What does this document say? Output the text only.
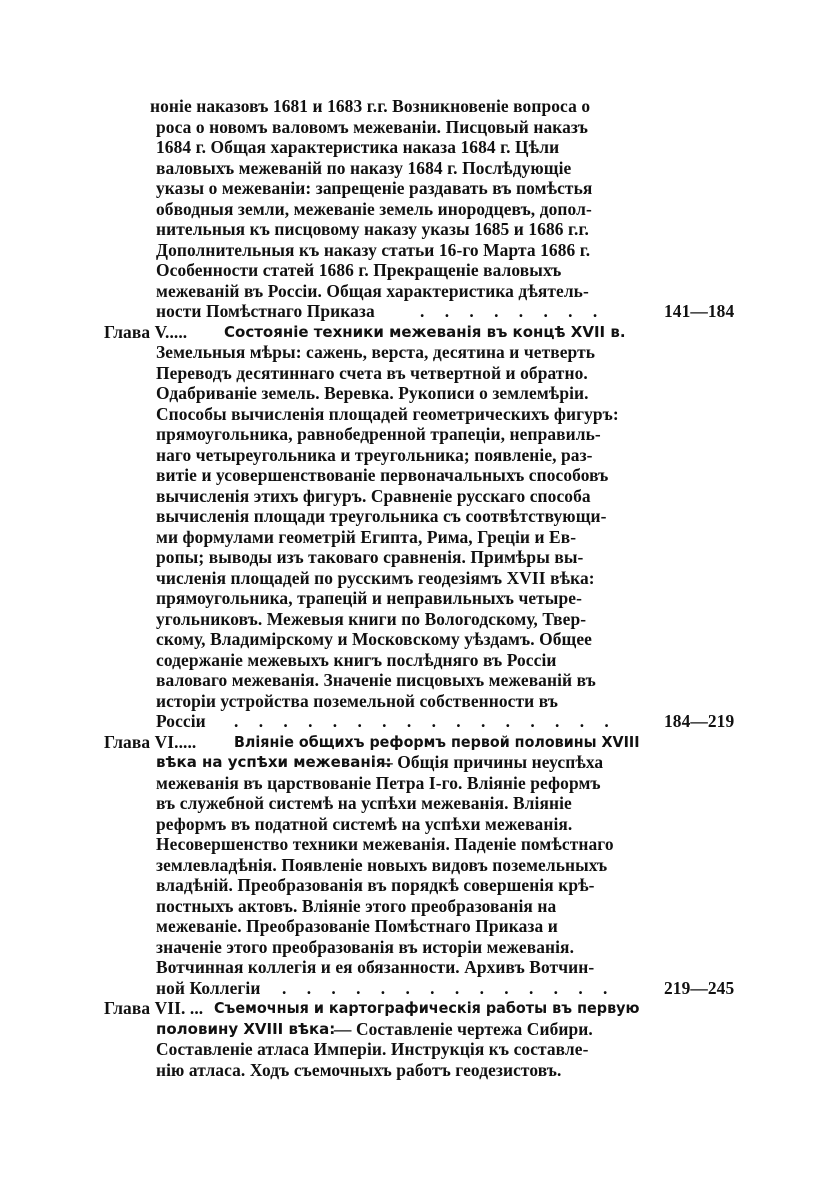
ноніе наказовъ 1681 и 1683 г.г. Возникновеніе вопроса о
роса о новомъ валовомъ межеваніи. Писцовый наказъ
1684 г. Общая характеристика наказа 1684 г. Цѣли
валовыхъ межеваній по наказу 1684 г. Послѣдующіе
указы о межеваніи: запрещеніе раздавать въ помѣстья
обводныя земли, межеваніе земель инородцевъ, допол-
нительныя къ писцовому наказу указы 1685 и 1686 г.г.
Дополнительныя къ наказу статьи 16-го Марта 1686 г.
Особенности статей 1686 г. Прекращеніе валовыхъ
межеваній въ Россіи. Общая характеристика дѣятель-
ности Помѣстнаго Приказа	. . . . . . . .	141—184
Глава V..... Состояніе техники межеванія въ концѣ XVII в.
Земельныя мѣры: сажень, верста, десятина и четверть
Переводъ десятиннаго счета въ четвертной и обратно.
Одабриваніе земель. Веревка. Рукописи о землемѣріи.
Способы вычисленія площадей геометрическихъ фигуръ:
прямоугольника, равнобедренной трапеціи, неправиль-
наго четыреугольника и треугольника; появленіе, раз-
витіе и усовершенствованіе первоначальныхъ способовъ
вычисленія этихъ фигуръ. Сравненіе русскаго способа
вычисленія площади треугольника съ соотвѣтствующи-
ми формулами геометрій Египта, Рима, Греціи и Ев-
ропы; выводы изъ таковаго сравненія. Примѣры вы-
численія площадей по русскимъ геодезіямъ XVII вѣка:
прямоугольника, трапецій и неправильныхъ четыре-
угольниковъ. Межевыя книги по Вологодскому, Твер-
скому, Владимірскому и Московскому уѣздамъ. Общее
содержаніе межевыхъ книгъ послѣдняго въ Россіи
валоваго межеванія. Значеніе писцовыхъ межеваній въ
исторіи устройства поземельной собственности въ
Россіи . . . . . . . . . . . . . . . .	184—219
Глава VI.....	Вліяніе общихъ реформъ первой половины XVIII
вѣка на успѣхи межеванія:
– Общія причины неуспѣха
межеванія въ царствованіе Петра I-го. Вліяніе реформъ
въ служебной системѣ на успѣхи межеванія. Вліяніе
реформъ въ податной системѣ на успѣхи межеванія.
Несовершенство техники межеванія. Паденіе помѣстнаго
землевладѣнія. Появленіе новыхъ видовъ поземельныхъ
владѣній. Преобразованія въ порядкѣ совершенія крѣ-
постныхъ актовъ. Вліяніе этого преобразованія на
межеваніе. Преобразованіе Помѣстнаго Приказа и
значеніе этого преобразованія въ исторіи межеванія.
Вотчинная коллегія и ея обязанности. Архивъ Вотчин-
ной Коллегіи . . . . . . . . . . . . . .	219—245
Глава VII. ... Съемочныя и картографическія работы въ первую
половину XVIII вѣка:
— Составленіе чертежа Сибири.
Составленіе атласа Имперіи. Инструкція къ составле-
нію атласа. Ходъ съемочныхъ работъ геодезистовъ.
